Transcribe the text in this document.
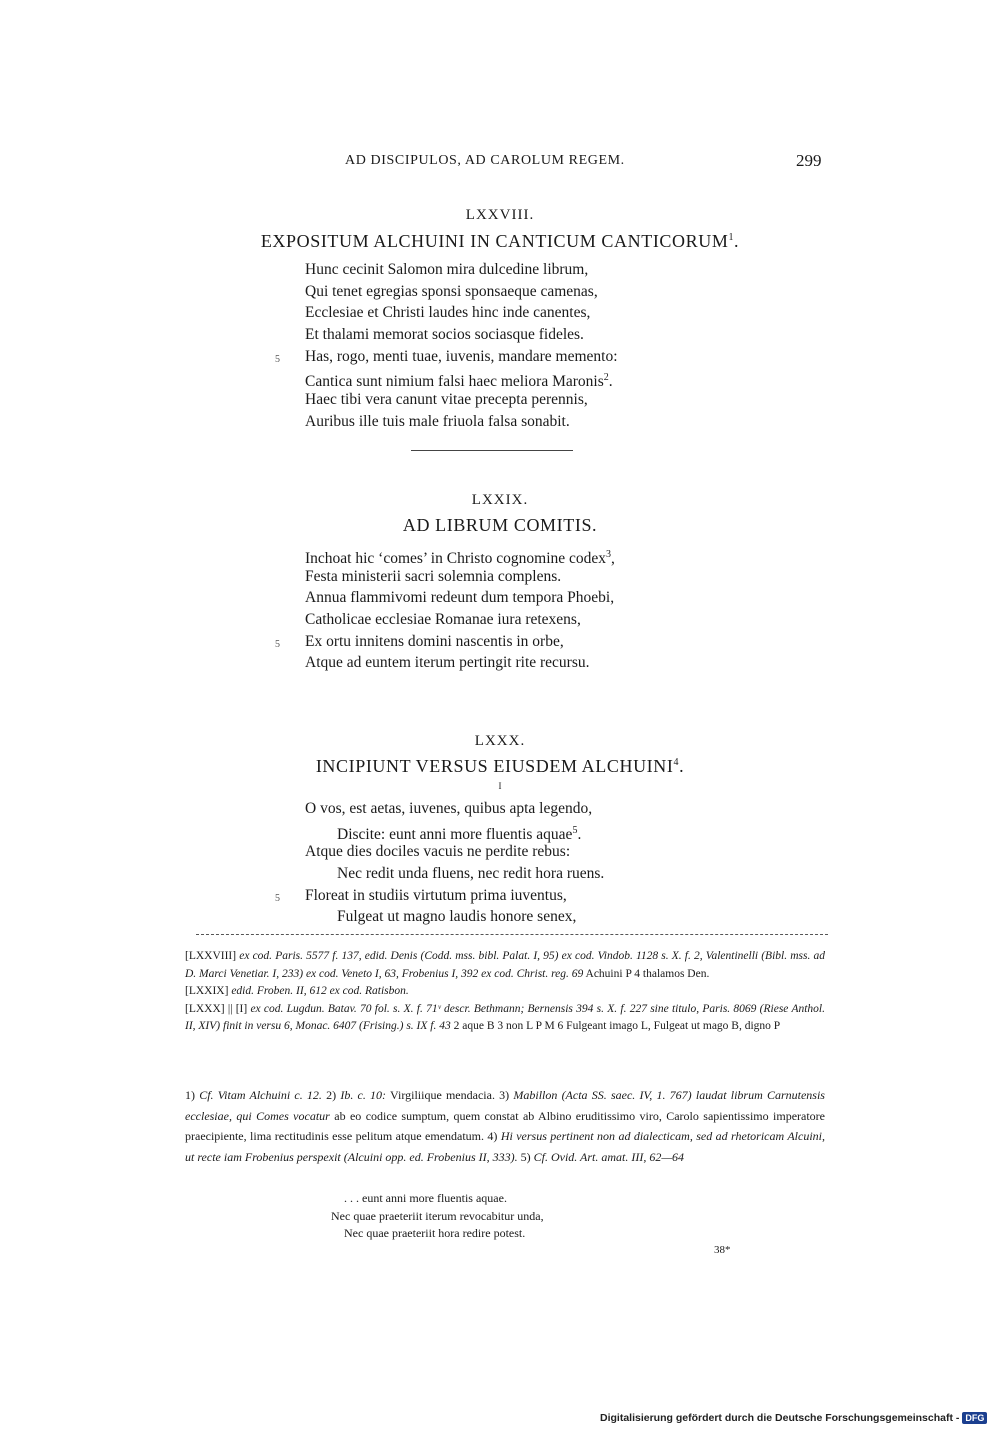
AD DISCIPULOS, AD CAROLUM REGEM.	299
LXXVIII.
EXPOSITUM ALCHUINI IN CANTICUM CANTICORUM$^1$.
Hunc cecinit Salomon mira dulcedine librum,
Qui tenet egregias sponsi sponsaeque camenas,
Ecclesiae et Christi laudes hinc inde canentes,
Et thalami memorat socios sociasque fideles.
5 Has, rogo, menti tuae, iuvenis, mandare memento:
Cantica sunt nimium falsi haec meliora Maronis$^2$.
Haec tibi vera canunt vitae precepta perennis,
Auribus ille tuis male friuola falsa sonabit.
LXXIX.
AD LIBRUM COMITIS.
Inchoat hic ‘comes’ in Christo cognomine codex$^3$,
Festa ministerii sacri solemnia complens.
Annua flammivomi redeunt dum tempora Phoebi,
Catholicae ecclesiae Romanae iura retexens,
5 Ex ortu innitens domini nascentis in orbe,
Atque ad euntem iterum pertingit rite recursu.
LXXX.
INCIPIUNT VERSUS EIUSDEM ALCHUINI$^4$.
I
O vos, est aetas, iuvenes, quibus apta legendo,
Discite: eunt anni more fluentis aquae$^5$.
Atque dies dociles vacuis ne perdite rebus:
Nec redit unda fluens, nec redit hora ruens.
5 Floreat in studiis virtutum prima iuventus,
Fulgeat ut magno laudis honore senex,

[LXXVIII] ex cod. Paris. 5577 f. 137, edid. Denis (Codd. mss. bibl. Palat. I, 95) ex cod. Vindob. 1128 s. X. f. 2, Valentinelli (Bibl. mss. ad D. Marci Venetiar. I, 233) ex cod. Veneto I, 63, Frobenius I, 392 ex cod. Christ. reg. 69 Achuini P 4 thalamos Den.

[LXXIX] edid. Froben. II, 612 ex cod. Ratisbon.

[LXXX] || [I] ex cod. Lugdun. Batav. 70 fol. s. X. f. 71ᵛ descr. Bethmann; Bernensis 394 s. X. f. 227 sine titulo, Paris. 8069 (Riese Anthol. II, XIV) finit in versu 6, Monac. 6407 (Frising.) s. IX f. 43 2 aque B 3 non L P M 6 Fulgeant imago L, Fulgeat ut mago B, digno P

1) Cf. Vitam Alchuini c. 12. 2) Ib. c. 10: Virgiliique mendacia. 3) Mabillon (Acta SS. saec. IV, 1. 767) laudat librum Carnutensis ecclesiae, qui Comes vocatur ab eo codice sumptum, quem constat ab Albino eruditissimo viro, Carolo sapientissimo imperatore praecipiente, lima rectitudinis esse pelitum atque emendatum. 4) Hi versus pertinent non ad dialecticam, sed ad rhetoricam Alcuini, ut recte iam Frobenius perspexit (Alcuini opp. ed. Frobenius II, 333). 5) Cf. Ovid. Art. amat. III, 62—64

. . . eunt anni more fluentis aquae.
Nec quae praeteriit iterum revocabitur unda,
Nec quae praeteriit hora redire potest.
38*
Digitalisierung gefördert durch die Deutsche Forschungsgemeinschaft - DFG
